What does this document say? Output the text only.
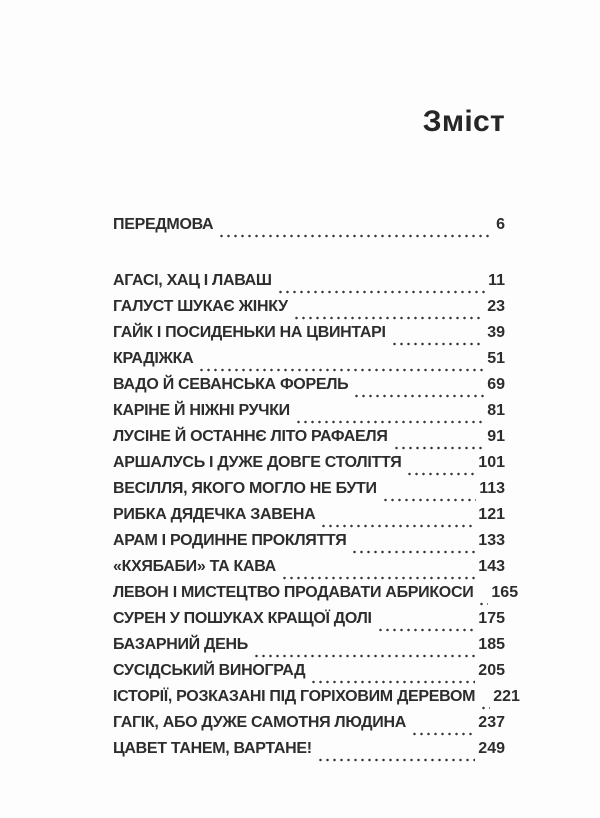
Зміст
ПЕРЕДМОВА	6
АГАСІ, ХАЦ І ЛАВАШ	11
ГАЛУСТ ШУКАЄ ЖІНКУ	23
ГАЙК І ПОСИДЕНЬКИ НА ЦВИНТАРІ	39
КРАДІЖКА	51
ВАДО Й СЕВАНСЬКА ФОРЕЛЬ	69
КАРІНЕ Й НІЖНІ РУЧКИ	81
ЛУСІНЕ Й ОСТАННЄ ЛІТО РАФАЕЛЯ	91
АРШАЛУСЬ І ДУЖЕ ДОВГЕ СТОЛІТТЯ	101
ВЕСІЛЛЯ, ЯКОГО МОГЛО НЕ БУТИ	113
РИБКА ДЯДЕЧКА ЗАВЕНА	121
АРАМ І РОДИННЕ ПРОКЛЯТТЯ	133
«КХЯБАБИ» ТА КАВА	143
ЛЕВОН І МИСТЕЦТВО ПРОДАВАТИ АБРИКОСИ 165
СУРЕН У ПОШУКАХ КРАЩОЇ ДОЛІ	175
БАЗАРНИЙ ДЕНЬ	185
СУСІДСЬКИЙ ВИНОГРАД	205
ІСТОРІЇ, РОЗКАЗАНІ ПІД ГОРІХОВИМ ДЕРЕВОМ 221
ГАГІК, АБО ДУЖЕ САМОТНЯ ЛЮДИНА	237
ЦАВЕТ ТАНЕМ, ВАРТАНЕ!	249
